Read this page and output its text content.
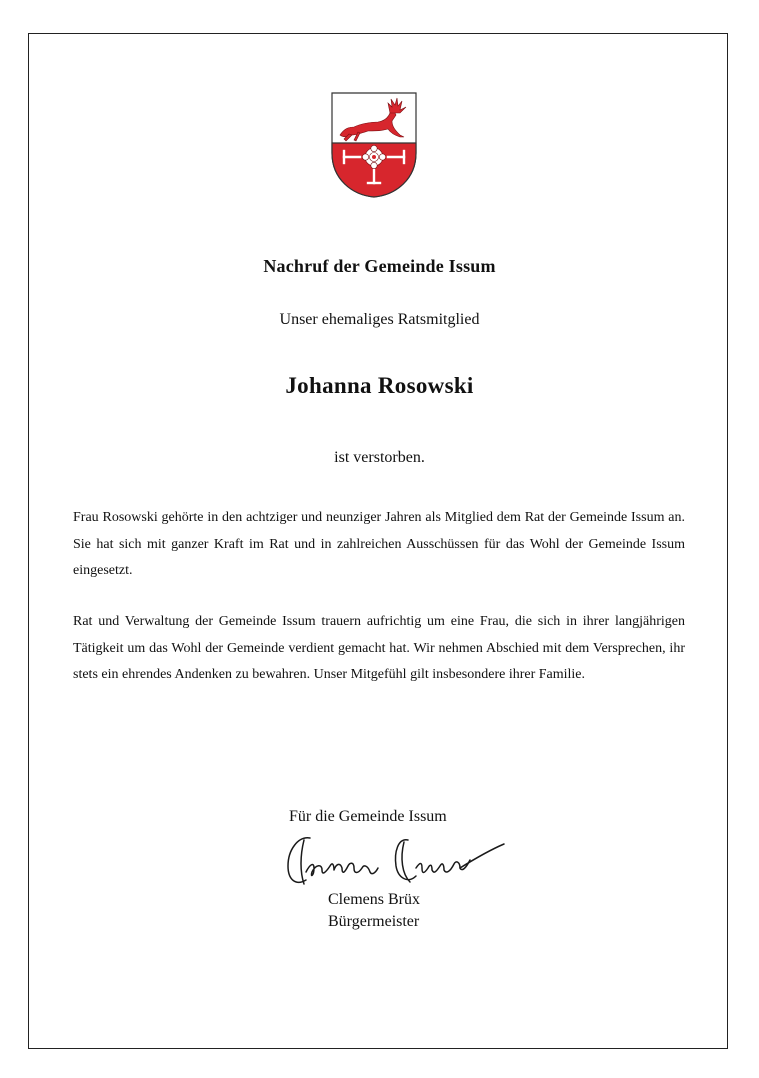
Nachruf der Gemeinde Issum
Unser ehemaliges Ratsmitglied
Johanna Rosowski
ist verstorben.

Frau Rosowski gehörte in den achtziger und neunziger Jahren als Mitglied dem Rat der Gemeinde Issum an. Sie hat sich mit ganzer Kraft im Rat und in zahlreichen Ausschüssen für das Wohl der Gemeinde Issum eingesetzt.

Rat und Verwaltung der Gemeinde Issum trauern aufrichtig um eine Frau, die sich in ihrer langjährigen Tätigkeit um das Wohl der Gemeinde verdient gemacht hat. Wir nehmen Abschied mit dem Versprechen, ihr stets ein ehrendes Andenken zu bewahren. Unser Mitgefühl gilt insbesondere ihrer Familie.

Für die Gemeinde Issum
Clemens Brüx
Bürgermeister
